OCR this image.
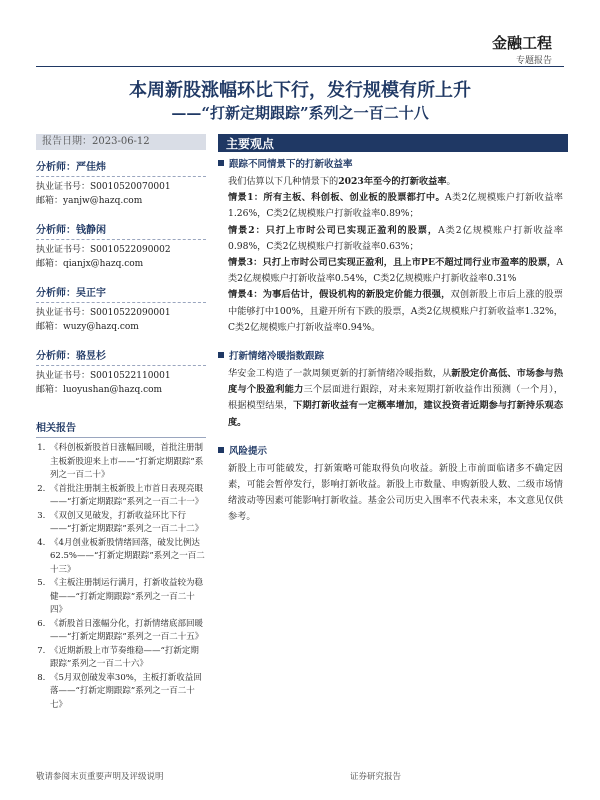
金融工程
专题报告
本周新股涨幅环比下行，发行规模有所上升
——“打新定期跟踪”系列之一百二十八
报告日期：2023-06-12
分析师：严佳炜
执业证书号：S0010520070001
邮箱：yanjw@hazq.com
分析师：钱静闲
执业证书号：S0010522090002
邮箱：qianjx@hazq.com
分析师：吴正宇
执业证书号：S0010522090001
邮箱：wuzy@hazq.com
分析师：骆昱杉
执业证书号：S0010522110001
邮箱：luoyushan@hazq.com
相关报告
1. 《科创板新股首日涨幅回暖，首批注册制主板新股迎来上市——“打新定期跟踪”系列之一百二十》
2. 《首批注册制主板新股上市首日表现亮眼——“打新定期跟踪”系列之一百二十一》
3. 《双创又见破发，打新收益环比下行——“打新定期跟踪”系列之一百二十二》
4. 《4月创业板新股情绪回落，破发比例达62.5%——“打新定期跟踪”系列之一百二十三》
5. 《主板注册制运行满月，打新收益较为稳健——“打新定期跟踪”系列之一百二十四》
6. 《新股首日涨幅分化，打新情绪底部回暖——“打新定期跟踪”系列之一百二十五》
7. 《近期新股上市节奏维稳——“打新定期跟踪”系列之一百二十六》
8. 《5月双创破发率30%，主板打新收益回落——“打新定期跟踪”系列之一百二十七》
主要观点
跟踪不同情景下的打新收益率
我们估算以下几种情景下的2023年至今的打新收益率。
情景1：所有主板、科创板、创业板的股票都打中。A类2亿规模账户打新收益率1.26%，C类2亿规模账户打新收益率0.89%；
情景2：只打上市时公司已实现正盈利的股票，A类2亿规模账户打新收益率0.98%，C类2亿规模账户打新收益率0.63%；
情景3：只打上市时公司已实现正盈利，且上市PE不超过同行业市盈率的股票，A类2亿规模账户打新收益率0.54%，C类2亿规模账户打新收益率0.31%
情景4：为事后估计，假设机构的新股定价能力很强，双创新股上市后上涨的股票中能够打中100%，且避开所有下跌的股票，A类2亿规模账户打新收益率1.32%，C类2亿规模账户打新收益率0.94%。
打新情绪冷暖指数跟踪
华安金工构造了一款周频更新的打新情绪冷暖指数，从新股定价高低、市场参与热度与个股盈利能力三个层面进行跟踪，对未来短期打新收益作出预测（一个月），根据模型结果，下期打新收益有一定概率增加，建议投资者近期参与打新持乐观态度。
风险提示
新股上市可能破发，打新策略可能取得负向收益。新股上市前面临诸多不确定因素，可能会暂停发行，影响打新收益。新股上市数量、申购新股人数、二级市场情绪波动等因素可能影响打新收益。基金公司历史入围率不代表未来，本文意见仅供参考。
敬请参阅末页重要声明及评级说明	证券研究报告
